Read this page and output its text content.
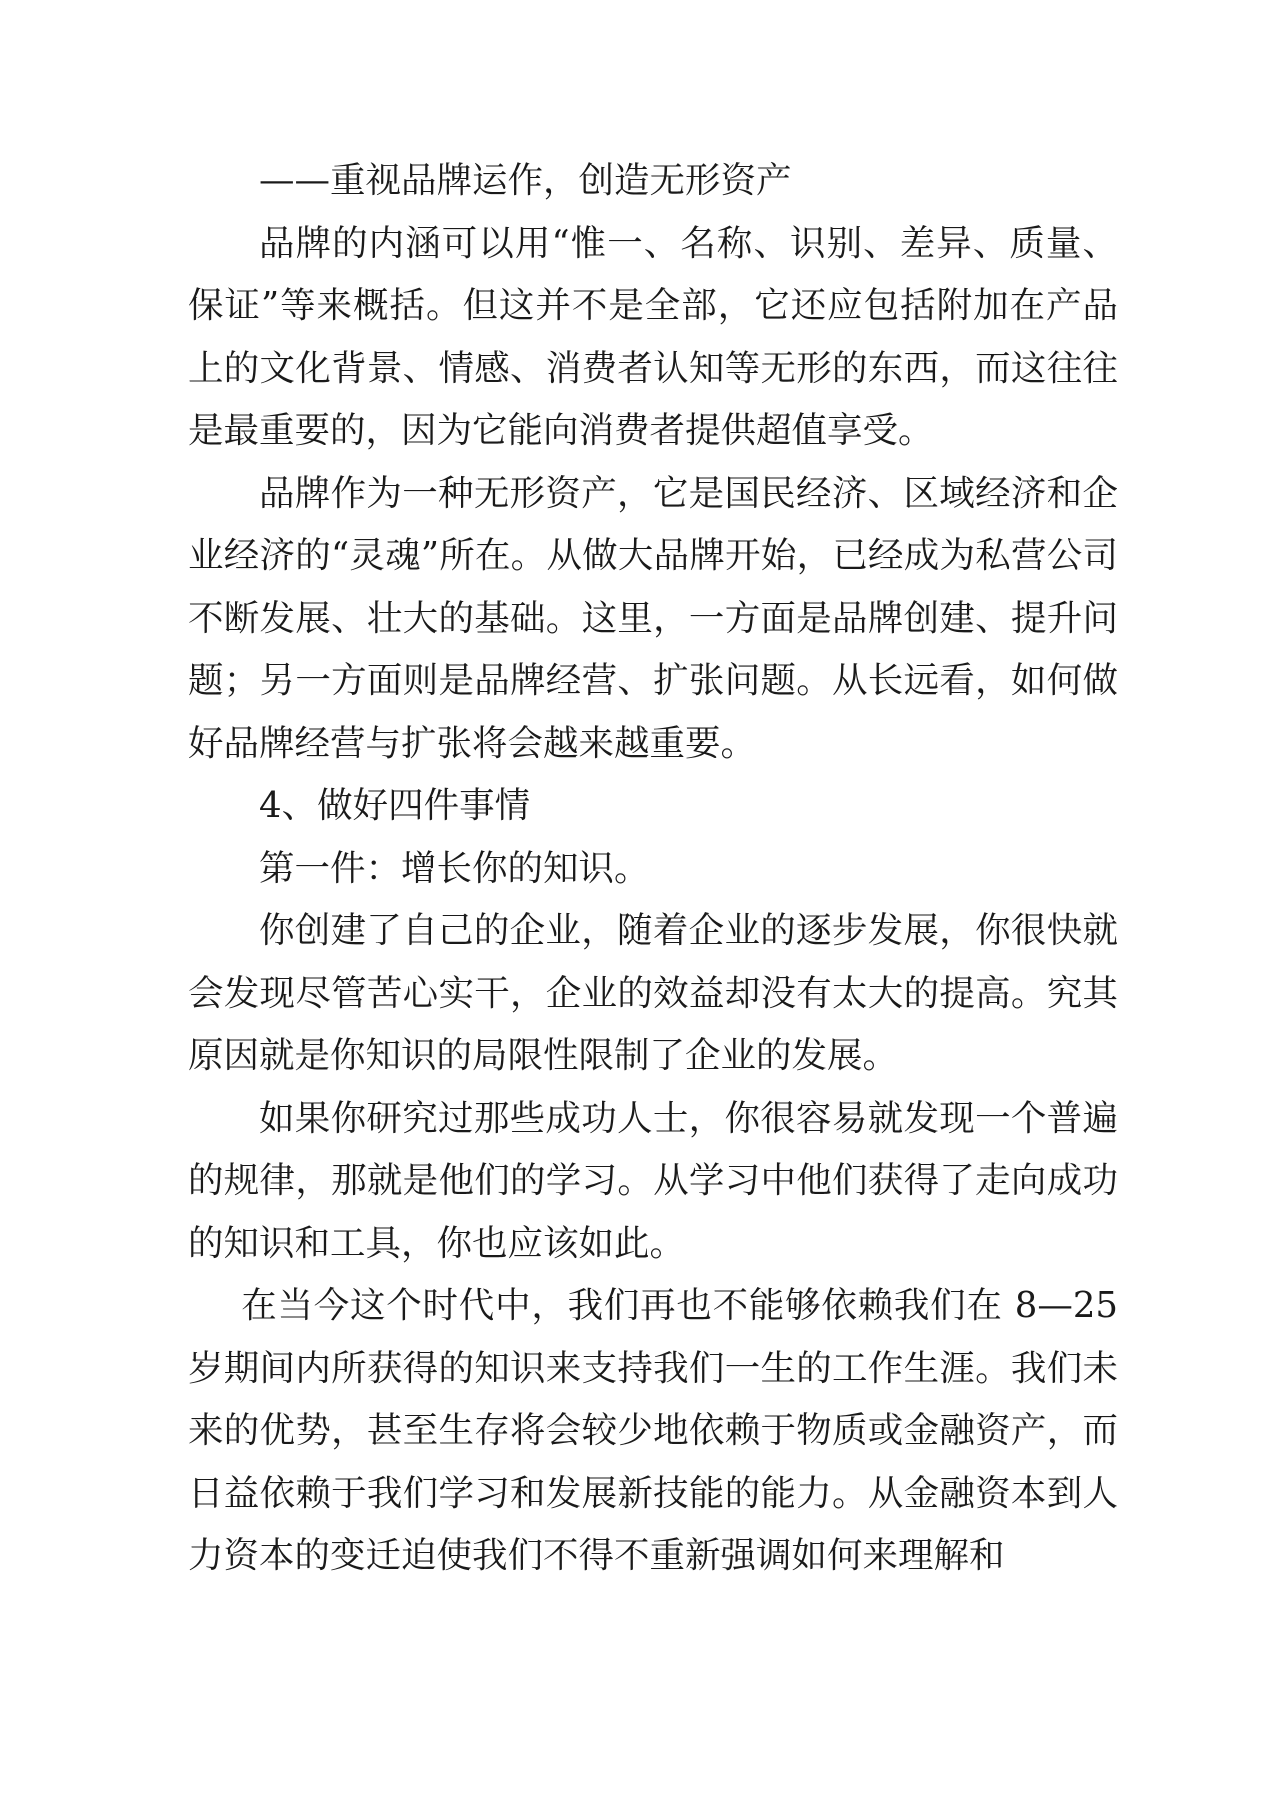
——重视品牌运作，创造无形资产

品牌的内涵可以用“惟一、名称、识别、差异、质量、保证”等来概括。但这并不是全部，它还应包括附加在产品上的文化背景、情感、消费者认知等无形的东西，而这往往是最重要的，因为它能向消费者提供超值享受。

品牌作为一种无形资产，它是国民经济、区域经济和企业经济的“灵魂”所在。从做大品牌开始，已经成为私营公司不断发展、壮大的基础。这里，一方面是品牌创建、提升问题；另一方面则是品牌经营、扩张问题。从长远看，如何做好品牌经营与扩张将会越来越重要。

4、做好四件事情

第一件：增长你的知识。

你创建了自己的企业，随着企业的逐步发展，你很快就会发现尽管苦心实干，企业的效益却没有太大的提高。究其原因就是你知识的局限性限制了企业的发展。

如果你研究过那些成功人士，你很容易就发现一个普遍的规律，那就是他们的学习。从学习中他们获得了走向成功的知识和工具，你也应该如此。

在当今这个时代中，我们再也不能够依赖我们在 8—25岁期间内所获得的知识来支持我们一生的工作生涯。我们未来的优势，甚至生存将会较少地依赖于物质或金融资产，而日益依赖于我们学习和发展新技能的能力。从金融资本到人力资本的变迁迫使我们不得不重新强调如何来理解和
